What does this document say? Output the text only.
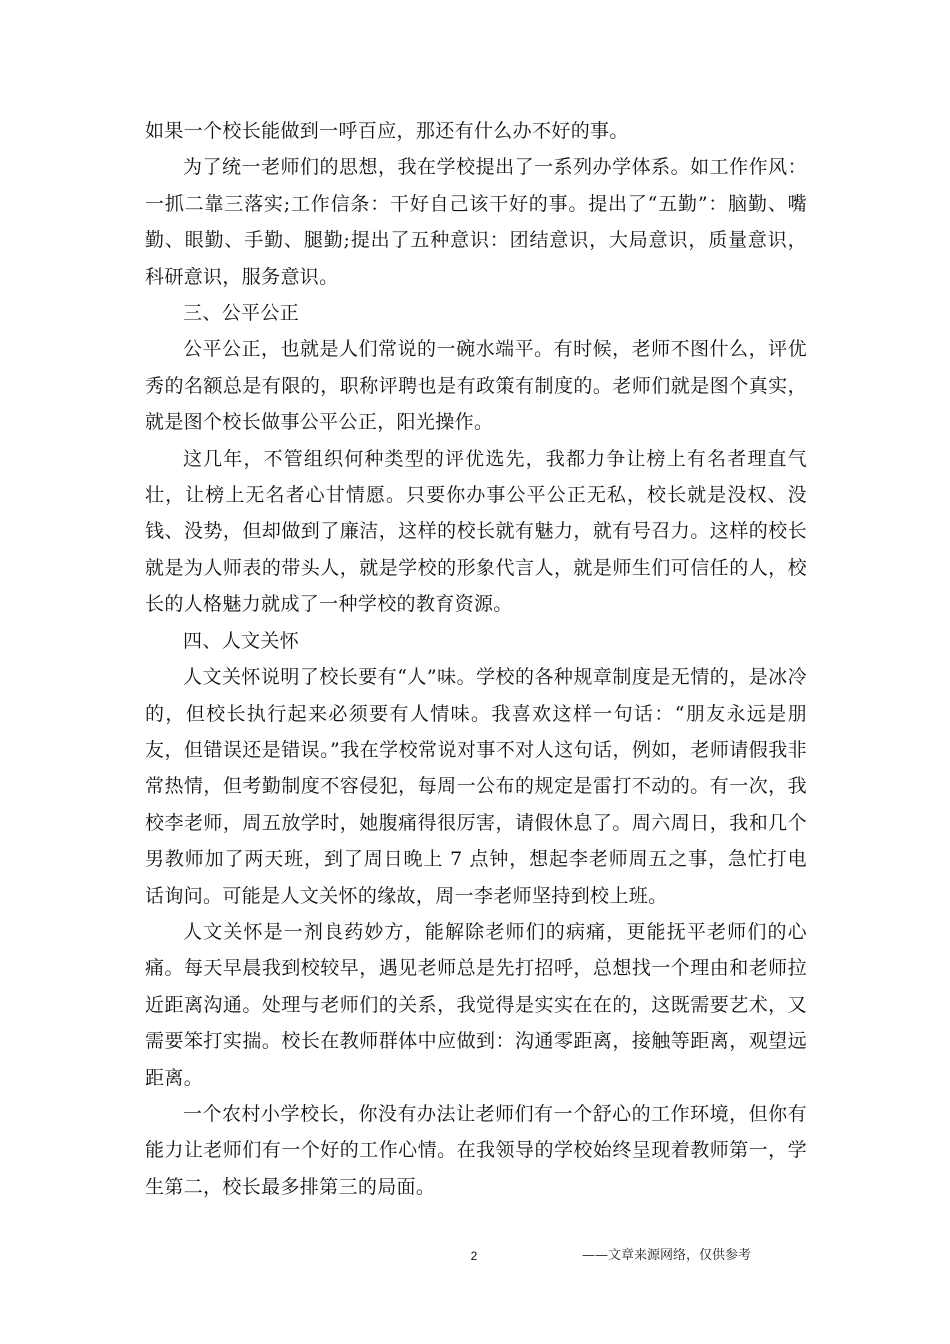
如果一个校长能做到一呼百应，那还有什么办不好的事。

为了统一老师们的思想，我在学校提出了一系列办学体系。如工作作风：一抓二靠三落实;工作信条：干好自己该干好的事。提出了“五勤”：脑勤、嘴勤、眼勤、手勤、腿勤;提出了五种意识：团结意识，大局意识，质量意识，科研意识，服务意识。

三、公平公正

公平公正，也就是人们常说的一碗水端平。有时候，老师不图什么，评优秀的名额总是有限的，职称评聘也是有政策有制度的。老师们就是图个真实，就是图个校长做事公平公正，阳光操作。

这几年，不管组织何种类型的评优选先，我都力争让榜上有名者理直气壮，让榜上无名者心甘情愿。只要你办事公平公正无私，校长就是没权、没钱、没势，但却做到了廉洁，这样的校长就有魅力，就有号召力。这样的校长就是为人师表的带头人，就是学校的形象代言人，就是师生们可信任的人，校长的人格魅力就成了一种学校的教育资源。

四、人文关怀

人文关怀说明了校长要有“人”味。学校的各种规章制度是无情的，是冰冷的，但校长执行起来必须要有人情味。我喜欢这样一句话：“朋友永远是朋友，但错误还是错误。”我在学校常说对事不对人这句话，例如，老师请假我非常热情，但考勤制度不容侵犯，每周一公布的规定是雷打不动的。有一次，我校李老师，周五放学时，她腹痛得很厉害，请假休息了。周六周日，我和几个男教师加了两天班，到了周日晚上 7 点钟，想起李老师周五之事，急忙打电话询问。可能是人文关怀的缘故，周一李老师坚持到校上班。

人文关怀是一剂良药妙方，能解除老师们的病痛，更能抚平老师们的心痛。每天早晨我到校较早，遇见老师总是先打招呼，总想找一个理由和老师拉近距离沟通。处理与老师们的关系，我觉得是实实在在的，这既需要艺术，又需要笨打实揣。校长在教师群体中应做到：沟通零距离，接触等距离，观望远距离。

一个农村小学校长，你没有办法让老师们有一个舒心的工作环境，但你有能力让老师们有一个好的工作心情。在我领导的学校始终呈现着教师第一，学生第二，校长最多排第三的局面。

2	——文章来源网络，仅供参考
